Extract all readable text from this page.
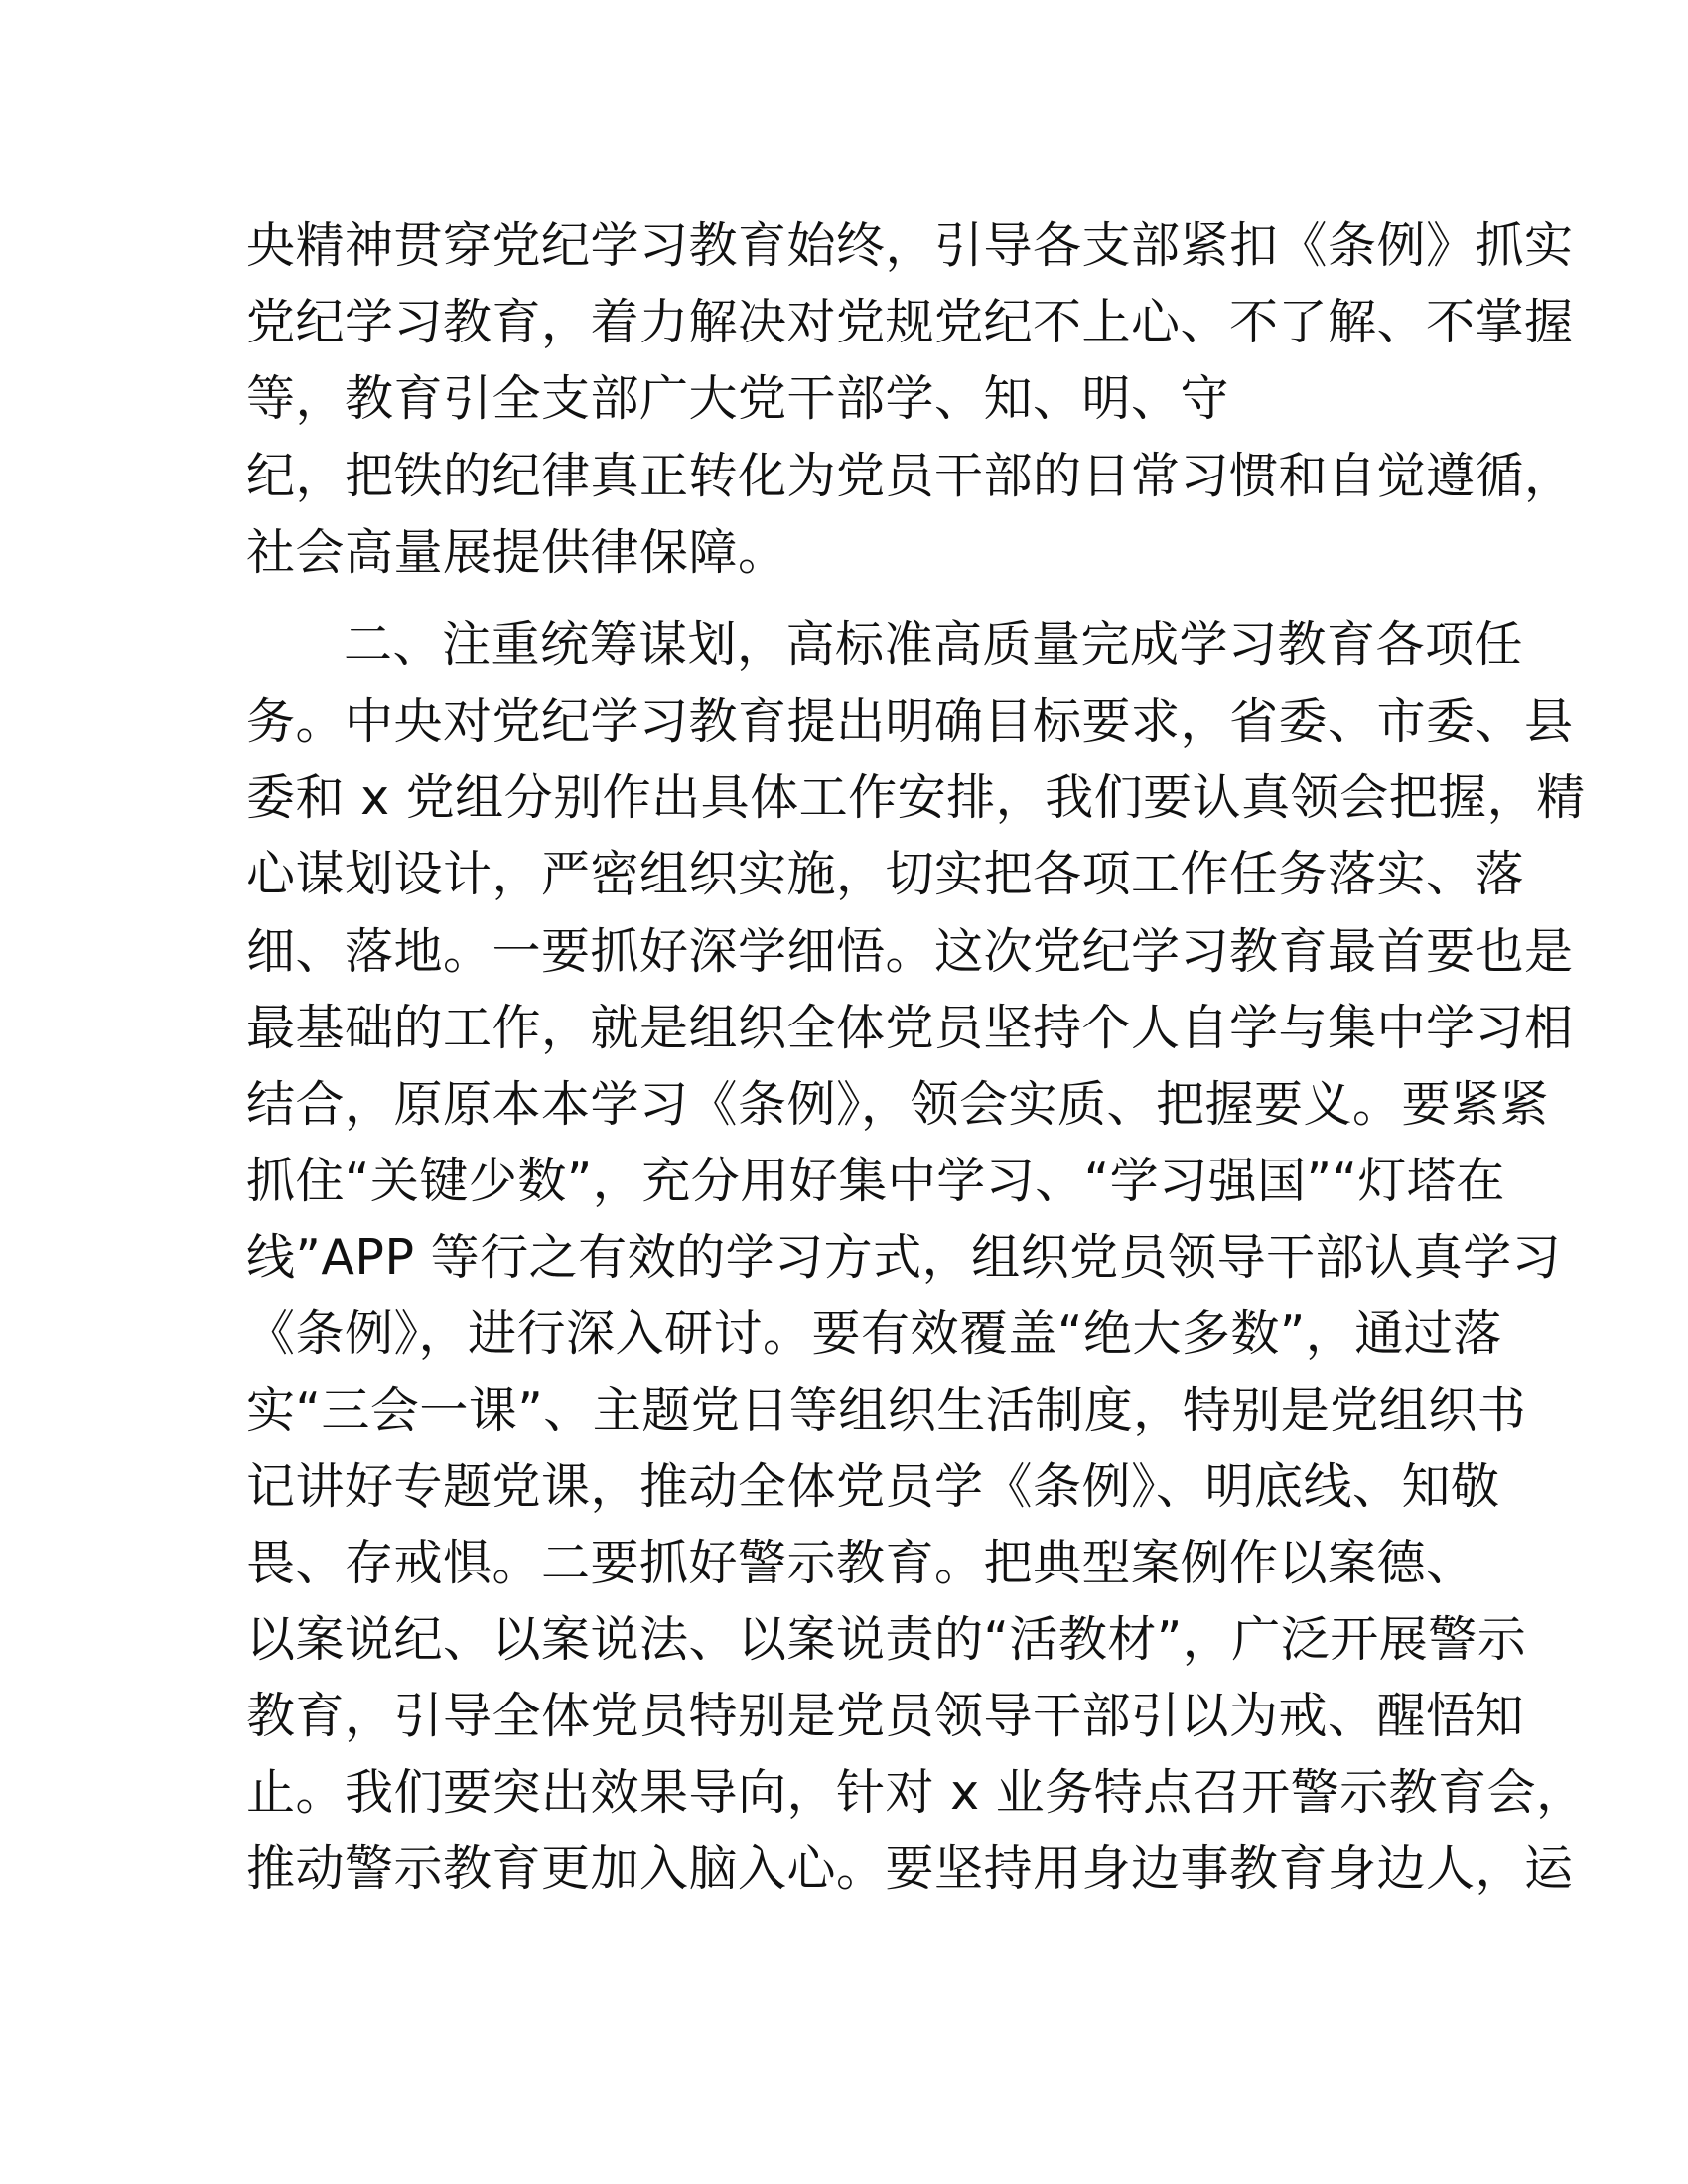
央精神贯穿党纪学习教育始终，引导各支部紧扣《条例》抓实
党纪学习教育，着力解决对党规党纪不上心、不了解、不掌握
等，教育引全支部广大党干部学、知、明、守
纪，把铁的纪律真正转化为党员干部的日常习惯和自觉遵循，
社会高量展提供律保障。
二、注重统筹谋划，高标准高质量完成学习教育各项任
务。中央对党纪学习教育提出明确目标要求，省委、市委、县
委和 x 党组分别作出具体工作安排，我们要认真领会把握，精
心谋划设计，严密组织实施，切实把各项工作任务落实、落
细、落地。一要抓好深学细悟。这次党纪学习教育最首要也是
最基础的工作，就是组织全体党员坚持个人自学与集中学习相
结合，原原本本学习《条例》，领会实质、把握要义。要紧紧
抓住“关键少数”，充分用好集中学习、“学习强国”“灯塔在
线”APP 等行之有效的学习方式，组织党员领导干部认真学习
《条例》，进行深入研讨。要有效覆盖“绝大多数”，通过落
实“三会一课”、主题党日等组织生活制度，特别是党组织书
记讲好专题党课，推动全体党员学《条例》、明底线、知敬
畏、存戒惧。二要抓好警示教育。把典型案例作以案德、
以案说纪、以案说法、以案说责的“活教材”，广泛开展警示
教育，引导全体党员特别是党员领导干部引以为戒、醒悟知
止。我们要突出效果导向，针对 x 业务特点召开警示教育会，
推动警示教育更加入脑入心。要坚持用身边事教育身边人，运
